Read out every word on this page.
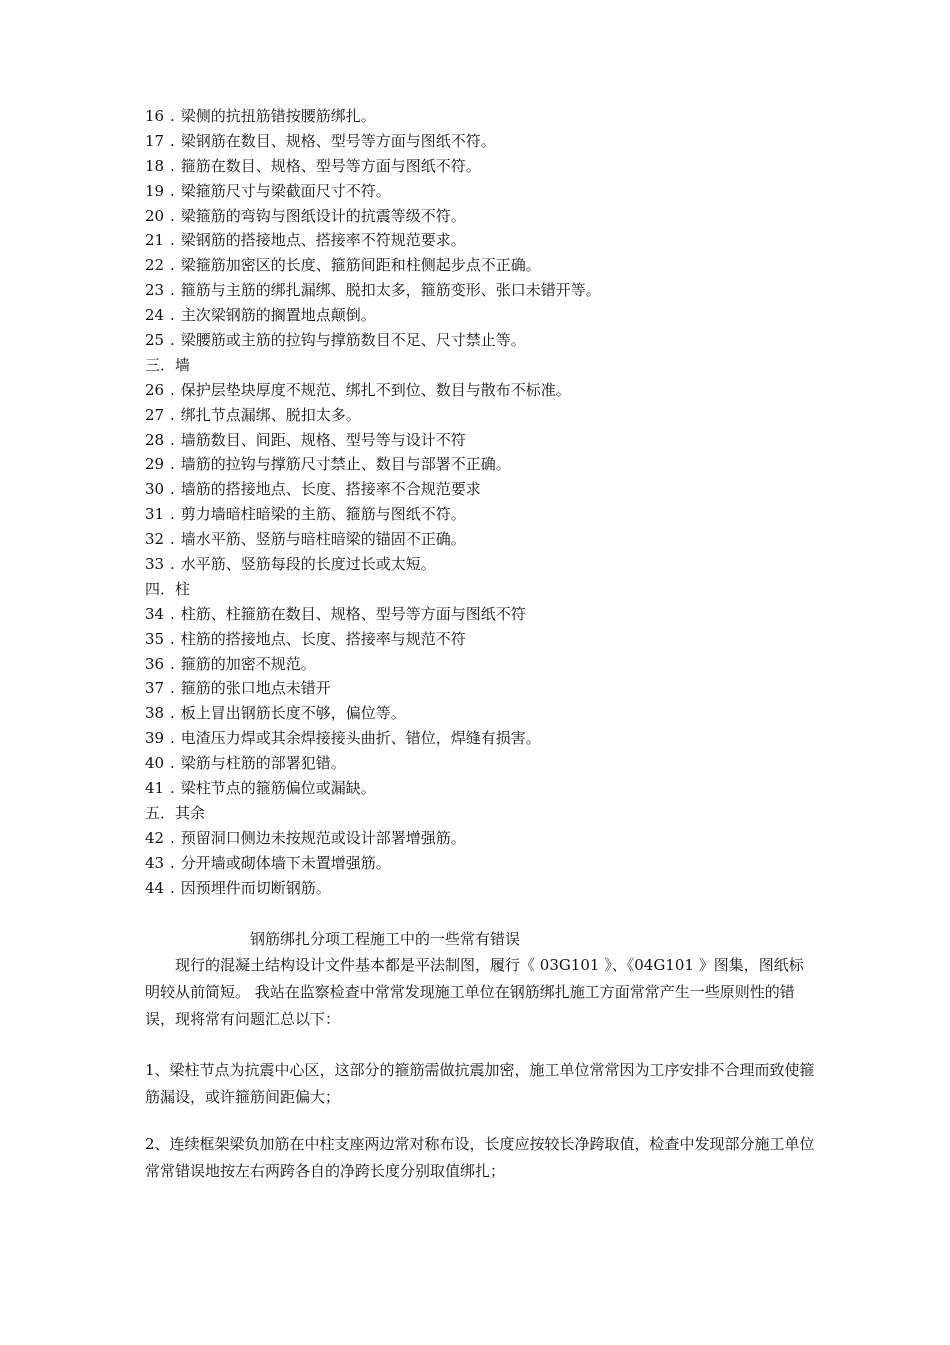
16 . 梁侧的抗扭筋错按腰筋绑扎。
17 . 梁钢筋在数目、规格、型号等方面与图纸不符。
18 . 箍筋在数目、规格、型号等方面与图纸不符。
19 . 梁箍筋尺寸与梁截面尺寸不符。
20 . 梁箍筋的弯钩与图纸设计的抗震等级不符。
21 . 梁钢筋的搭接地点、搭接率不符规范要求。
22 . 梁箍筋加密区的长度、箍筋间距和柱侧起步点不正确。
23 . 箍筋与主筋的绑扎漏绑、脱扣太多，箍筋变形、张口未错开等。
24 . 主次梁钢筋的搁置地点颠倒。
25 . 梁腰筋或主筋的拉钩与撑筋数目不足、尺寸禁止等。
三．墙
26 . 保护层垫块厚度不规范、绑扎不到位、数目与散布不标准。
27 . 绑扎节点漏绑、脱扣太多。
28 . 墙筋数目、间距、规格、型号等与设计不符
29 . 墙筋的拉钩与撑筋尺寸禁止、数目与部署不正确。
30 . 墙筋的搭接地点、长度、搭接率不合规范要求
31 . 剪力墙暗柱暗梁的主筋、箍筋与图纸不符。
32 . 墙水平筋、竖筋与暗柱暗梁的锚固不正确。
33 . 水平筋、竖筋每段的长度过长或太短。
四．柱
34 . 柱筋、柱箍筋在数目、规格、型号等方面与图纸不符
35 . 柱筋的搭接地点、长度、搭接率与规范不符
36 . 箍筋的加密不规范。
37 . 箍筋的张口地点未错开
38 . 板上冒出钢筋长度不够，偏位等。
39 . 电渣压力焊或其余焊接接头曲折、错位，焊缝有损害。
40 . 梁筋与柱筋的部署犯错。
41 . 梁柱节点的箍筋偏位或漏缺。
五．其余
42 . 预留洞口侧边未按规范或设计部署增强筋。
43 . 分开墙或砌体墙下未置增强筋。
44 . 因预埋件而切断钢筋。
钢筋绑扎分项工程施工中的一些常有错误

现行的混凝土结构设计文件基本都是平法制图，履行《 03G101 》、《04G101 》图集，图纸标明较从前简短。 我站在监察检查中常常发现施工单位在钢筋绑扎施工方面常常产生一些原则性的错误，现将常有问题汇总以下：

1、梁柱节点为抗震中心区，这部分的箍筋需做抗震加密，施工单位常常因为工序安排不合理而致使箍筋漏设，或许箍筋间距偏大；

2、连续框架梁负加筋在中柱支座两边常对称布设，长度应按较长净跨取值，检查中发现部分施工单位常常错误地按左右两跨各自的净跨长度分别取值绑扎；
